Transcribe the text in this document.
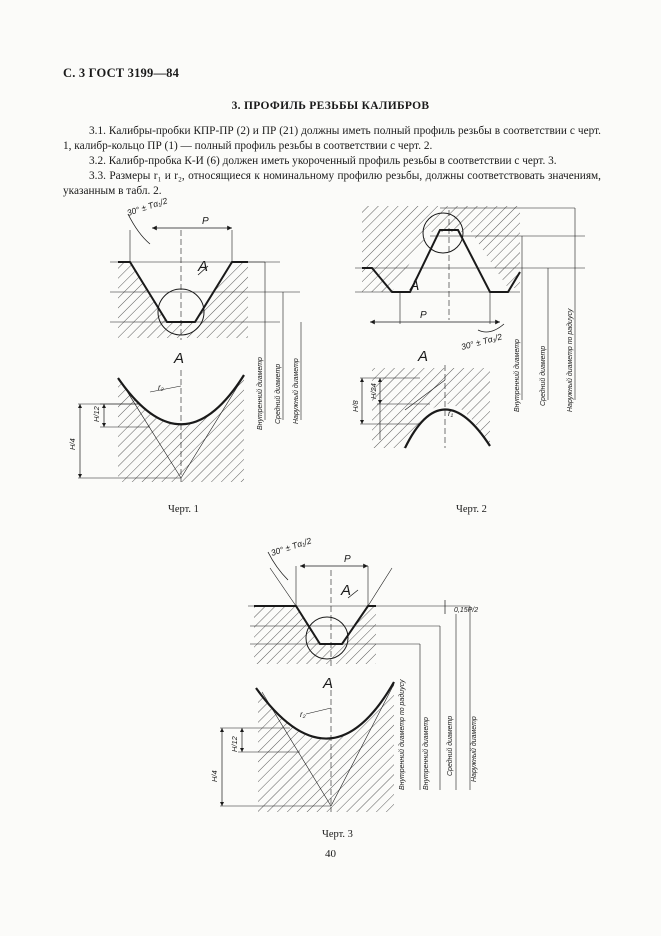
С. 3 ГОСТ 3199—84
3. ПРОФИЛЬ РЕЗЬБЫ КАЛИБРОВ
3.1. Калибры-пробки КПР-ПР (2) и ПР (21) должны иметь полный профиль резьбы в соответствии с черт. 1, калибр-кольцо ПР (1) — полный профиль резьбы в соответствии с черт. 2.
3.2. Калибр-пробка К-И (6) должен иметь укороченный профиль резьбы в соответствии с черт. 3.
3.3. Размеры r₁ и r₂, относящиеся к номинальному профилю резьбы, должны соответствовать значениям, указанным в табл. 2.
30° ± Tα₁/2
P
A
A
r₂
H/12
H/4
Внутренний диаметр Средний диаметр Наружный диаметр
P
30° ± Tα₁/2
A
A
r₁
H/8
H/24	Внутренний диаметр	Средний диаметр	Наружный диаметр по радиусу
30° ± Tα₁/2
P
A
A
r₂
0,15P/2
H/12
H/4	Внутренний диаметр по радиусу Внутренний диаметр Средний диаметр Наружный диаметр
Черт. 1	Черт. 2
Черт. 3
40
